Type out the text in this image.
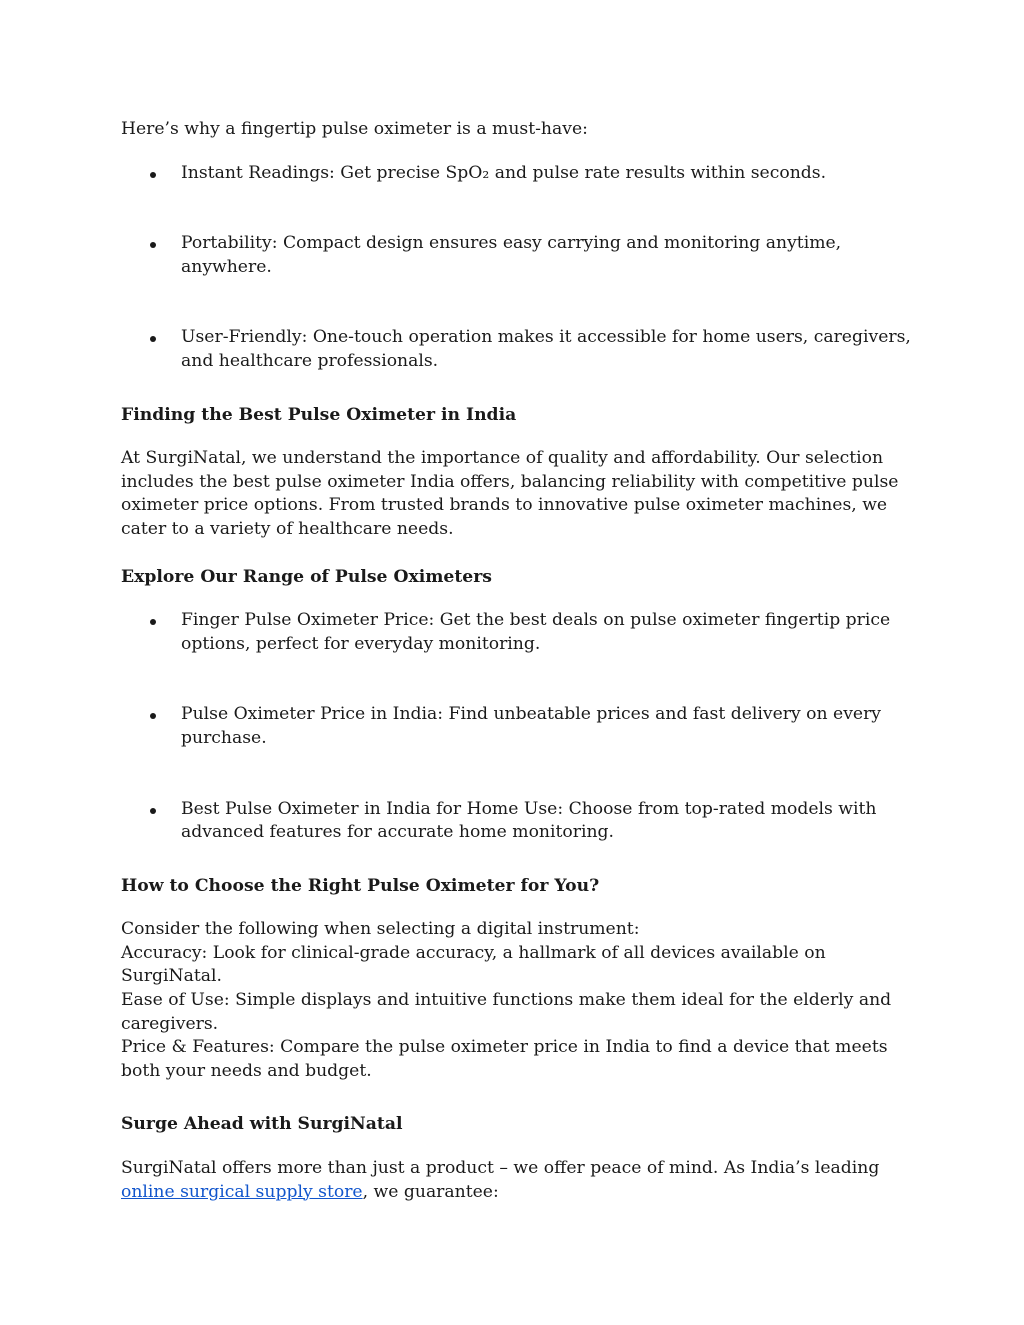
Here’s why a fingertip pulse oximeter is a must-have:

Instant Readings: Get precise SpO₂ and pulse rate results within seconds.
Portability: Compact design ensures easy carrying and monitoring anytime, anywhere.
User-Friendly: One-touch operation makes it accessible for home users, caregivers, and healthcare professionals.
Finding the Best Pulse Oximeter in India

At SurgiNatal, we understand the importance of quality and affordability. Our selection includes the best pulse oximeter India offers, balancing reliability with competitive pulse oximeter price options. From trusted brands to innovative pulse oximeter machines, we cater to a variety of healthcare needs.

Explore Our Range of Pulse Oximeters
Finger Pulse Oximeter Price: Get the best deals on pulse oximeter fingertip price options, perfect for everyday monitoring.
Pulse Oximeter Price in India: Find unbeatable prices and fast delivery on every purchase.
Best Pulse Oximeter in India for Home Use: Choose from top-rated models with advanced features for accurate home monitoring.
How to Choose the Right Pulse Oximeter for You?

Consider the following when selecting a digital instrument:

Accuracy: Look for clinical-grade accuracy, a hallmark of all devices available on SurgiNatal.

Ease of Use: Simple displays and intuitive functions make them ideal for the elderly and caregivers.

Price & Features: Compare the pulse oximeter price in India to find a device that meets both your needs and budget.

Surge Ahead with SurgiNatal

SurgiNatal offers more than just a product – we offer peace of mind. As India’s leading online surgical supply store, we guarantee:
